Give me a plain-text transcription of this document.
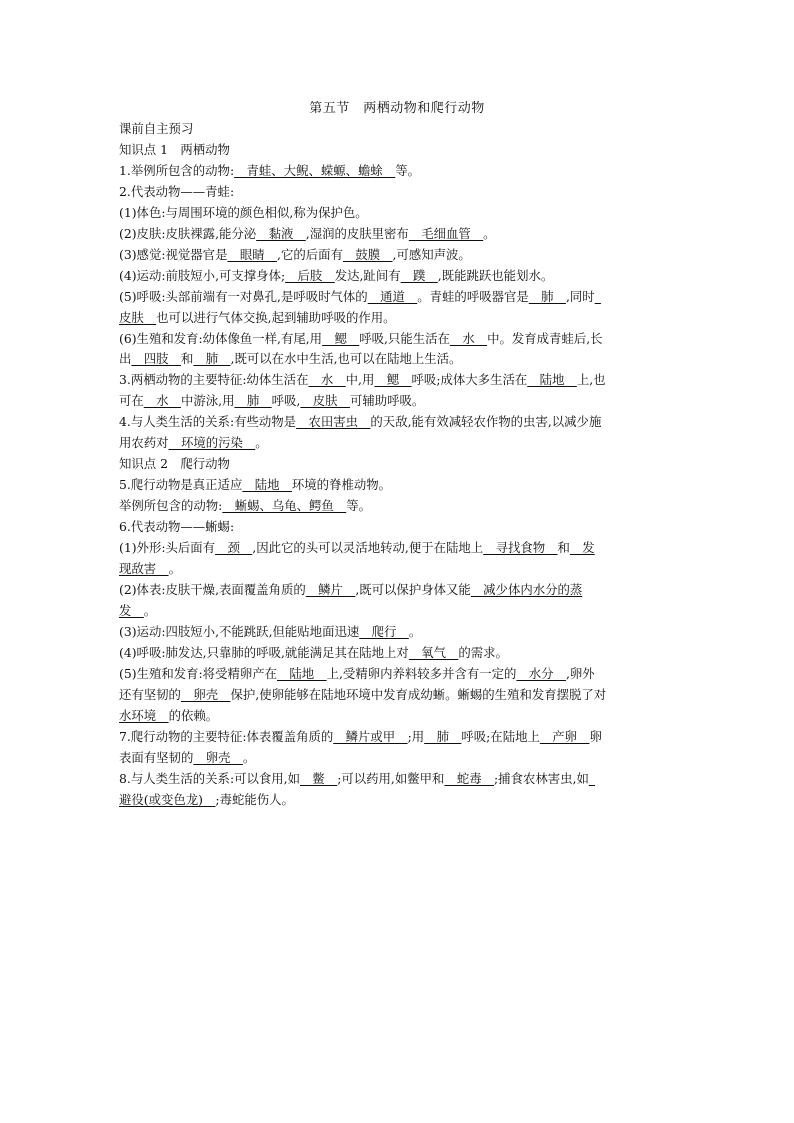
第五节　两栖动物和爬行动物
课前自主预习
知识点 1　两栖动物
1.举例所包含的动物:  青蛙、大鲵、蝾螈、蟾蜍  等。
2.代表动物——青蛙:
(1)体色:与周围环境的颜色相似,称为保护色。
(2)皮肤:皮肤裸露,能分泌  黏液  ,湿润的皮肤里密布  毛细血管  。
(3)感觉:视觉器官是  眼睛  ,它的后面有  鼓膜  ,可感知声波。
(4)运动:前肢短小,可支撑身体;  后肢  发达,趾间有  蹼  ,既能跳跃也能划水。
(5)呼吸:头部前端有一对鼻孔,是呼吸时气体的  通道  。青蛙的呼吸器官是  肺  ,同时 
皮肤  也可以进行气体交换,起到辅助呼吸的作用。
(6)生殖和发育:幼体像鱼一样,有尾,用  鳃  呼吸,只能生活在  水  中。发育成青蛙后,长
出  四肢  和  肺  ,既可以在水中生活,也可以在陆地上生活。
3.两栖动物的主要特征:幼体生活在  水  中,用  鳃  呼吸;成体大多生活在  陆地  上,也
可在  水  中游泳,用  肺  呼吸,  皮肤  可辅助呼吸。
4.与人类生活的关系:有些动物是  农田害虫  的天敌,能有效减轻农作物的虫害,以减少施
用农药对  环境的污染  。
知识点 2　爬行动物
5.爬行动物是真正适应  陆地  环境的脊椎动物。
举例所包含的动物:  蜥蜴、乌龟、鳄鱼  等。
6.代表动物——蜥蜴:
(1)外形:头后面有  颈  ,因此它的头可以灵活地转动,便于在陆地上  寻找食物  和  发
现敌害  。
(2)体表:皮肤干燥,表面覆盖角质的  鳞片  ,既可以保护身体又能  减少体内水分的蒸
发  。
(3)运动:四肢短小,不能跳跃,但能贴地面迅速  爬行  。
(4)呼吸:肺发达,只靠肺的呼吸,就能满足其在陆地上对  氧气  的需求。
(5)生殖和发育:将受精卵产在  陆地  上,受精卵内养料较多并含有一定的  水分  ,卵外
还有坚韧的  卵壳  保护,使卵能够在陆地环境中发育成幼蜥。蜥蜴的生殖和发育摆脱了对
水环境  的依赖。
7.爬行动物的主要特征:体表覆盖角质的  鳞片或甲  ;用  肺  呼吸;在陆地上  产卵  卵
表面有坚韧的  卵壳  。
8.与人类生活的关系:可以食用,如  鳖  ;可以药用,如鳖甲和  蛇毒  ;捕食农林害虫,如 
避役(或变色龙)  ;毒蛇能伤人。
